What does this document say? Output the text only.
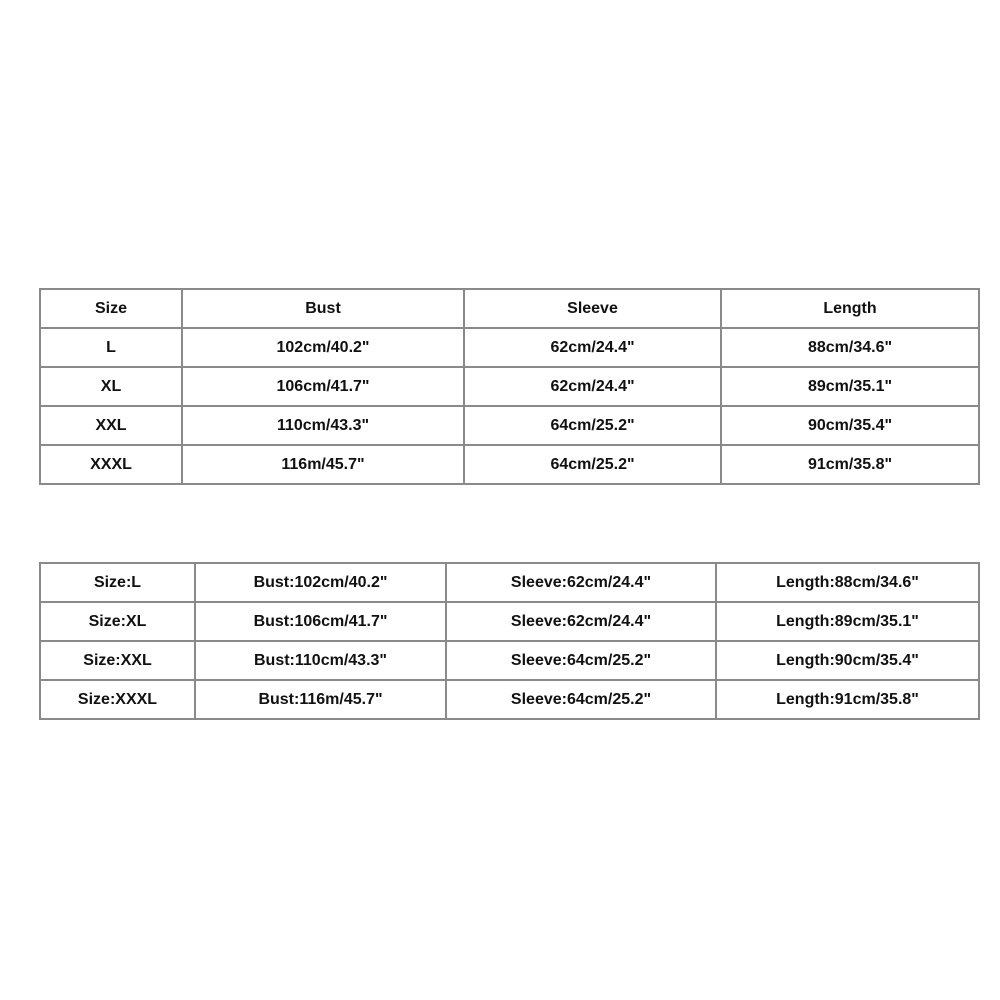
Size	Bust	Sleeve	Length
L	102cm/40.2"	62cm/24.4"	88cm/34.6"
XL	106cm/41.7"	62cm/24.4"	89cm/35.1"
XXL	110cm/43.3"	64cm/25.2"	90cm/35.4"
XXXL	116m/45.7"	64cm/25.2"	91cm/35.8"
Size:L	Bust:102cm/40.2"	Sleeve:62cm/24.4"	Length:88cm/34.6"
Size:XL	Bust:106cm/41.7"	Sleeve:62cm/24.4"	Length:89cm/35.1"
Size:XXL	Bust:110cm/43.3"	Sleeve:64cm/25.2"	Length:90cm/35.4"
Size:XXXL	Bust:116m/45.7"	Sleeve:64cm/25.2"	Length:91cm/35.8"
